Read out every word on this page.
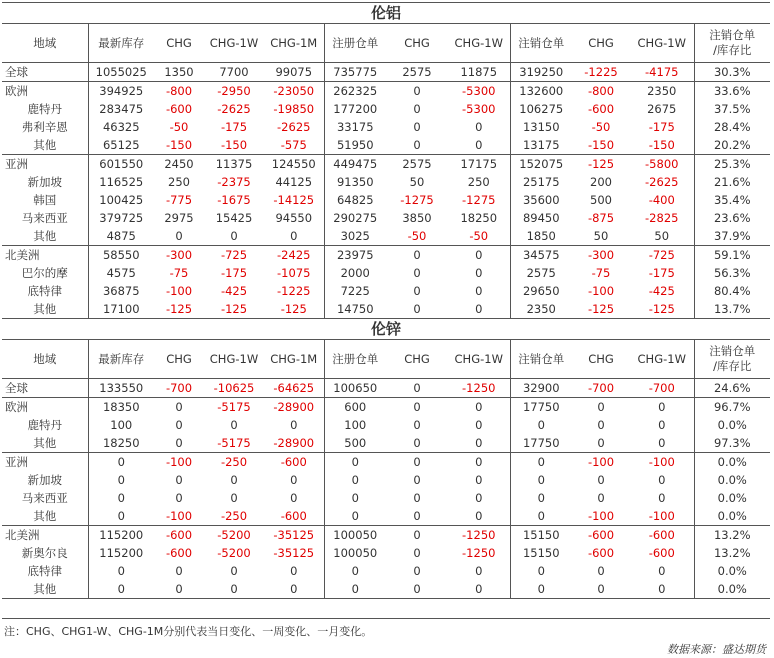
伦铝											
地域	最新库存	CHG	CHG-1W	CHG-1M	注册仓单	CHG	CHG-1W	注销仓单	CHG	CHG-1W	注销仓单
/库存比
全球	1055025	1350	7700	99075	735775	2575	11875	319250	-1225	-4175	30.3%
欧洲	394925	-800	-2950	-23050	262325	0	-5300	132600	-800	2350	33.6%
鹿特丹	283475	-600	-2625	-19850	177200	0	-5300	106275	-600	2675	37.5%
弗利辛恩	46325	-50	-175	-2625	33175	0	0	13150	-50	-175	28.4%
其他	65125	-150	-150	-575	51950	0	0	13175	-150	-150	20.2%
亚洲	601550	2450	11375	124550	449475	2575	17175	152075	-125	-5800	25.3%
新加坡	116525	250	-2375	44125	91350	50	250	25175	200	-2625	21.6%
韩国	100425	-775	-1675	-14125	64825	-1275	-1275	35600	500	-400	35.4%
马来西亚	379725	2975	15425	94550	290275	3850	18250	89450	-875	-2825	23.6%
其他	4875	0	0	0	3025	-50	-50	1850	50	50	37.9%
北美洲	58550	-300	-725	-2425	23975	0	0	34575	-300	-725	59.1%
巴尔的摩	4575	-75	-175	-1075	2000	0	0	2575	-75	-175	56.3%
底特律	36875	-100	-425	-1225	7225	0	0	29650	-100	-425	80.4%
其他	17100	-125	-125	-125	14750	0	0	2350	-125	-125	13.7%
伦锌											
地域	最新库存	CHG	CHG-1W	CHG-1M	注册仓单	CHG	CHG-1W	注销仓单	CHG	CHG-1W	注销仓单
/库存比
全球	133550	-700	-10625	-64625	100650	0	-1250	32900	-700	-700	24.6%
欧洲	18350	0	-5175	-28900	600	0	0	17750	0	0	96.7%
鹿特丹	100	0	0	0	100	0	0	0	0	0	0.0%
其他	18250	0	-5175	-28900	500	0	0	17750	0	0	97.3%
亚洲	0	-100	-250	-600	0	0	0	0	-100	-100	0.0%
新加坡	0	0	0	0	0	0	0	0	0	0	0.0%
马来西亚	0	0	0	0	0	0	0	0	0	0	0.0%
其他	0	-100	-250	-600	0	0	0	0	-100	-100	0.0%
北美洲	115200	-600	-5200	-35125	100050	0	-1250	15150	-600	-600	13.2%
新奥尔良	115200	-600	-5200	-35125	100050	0	-1250	15150	-600	-600	13.2%
底特律	0	0	0	0	0	0	0	0	0	0	0.0%
其他	0	0	0	0	0	0	0	0	0	0	0.0%
注：CHG、CHG1-W、CHG-1M分别代表当日变化、一周变化、一月变化。
数据来源：盛达期货
